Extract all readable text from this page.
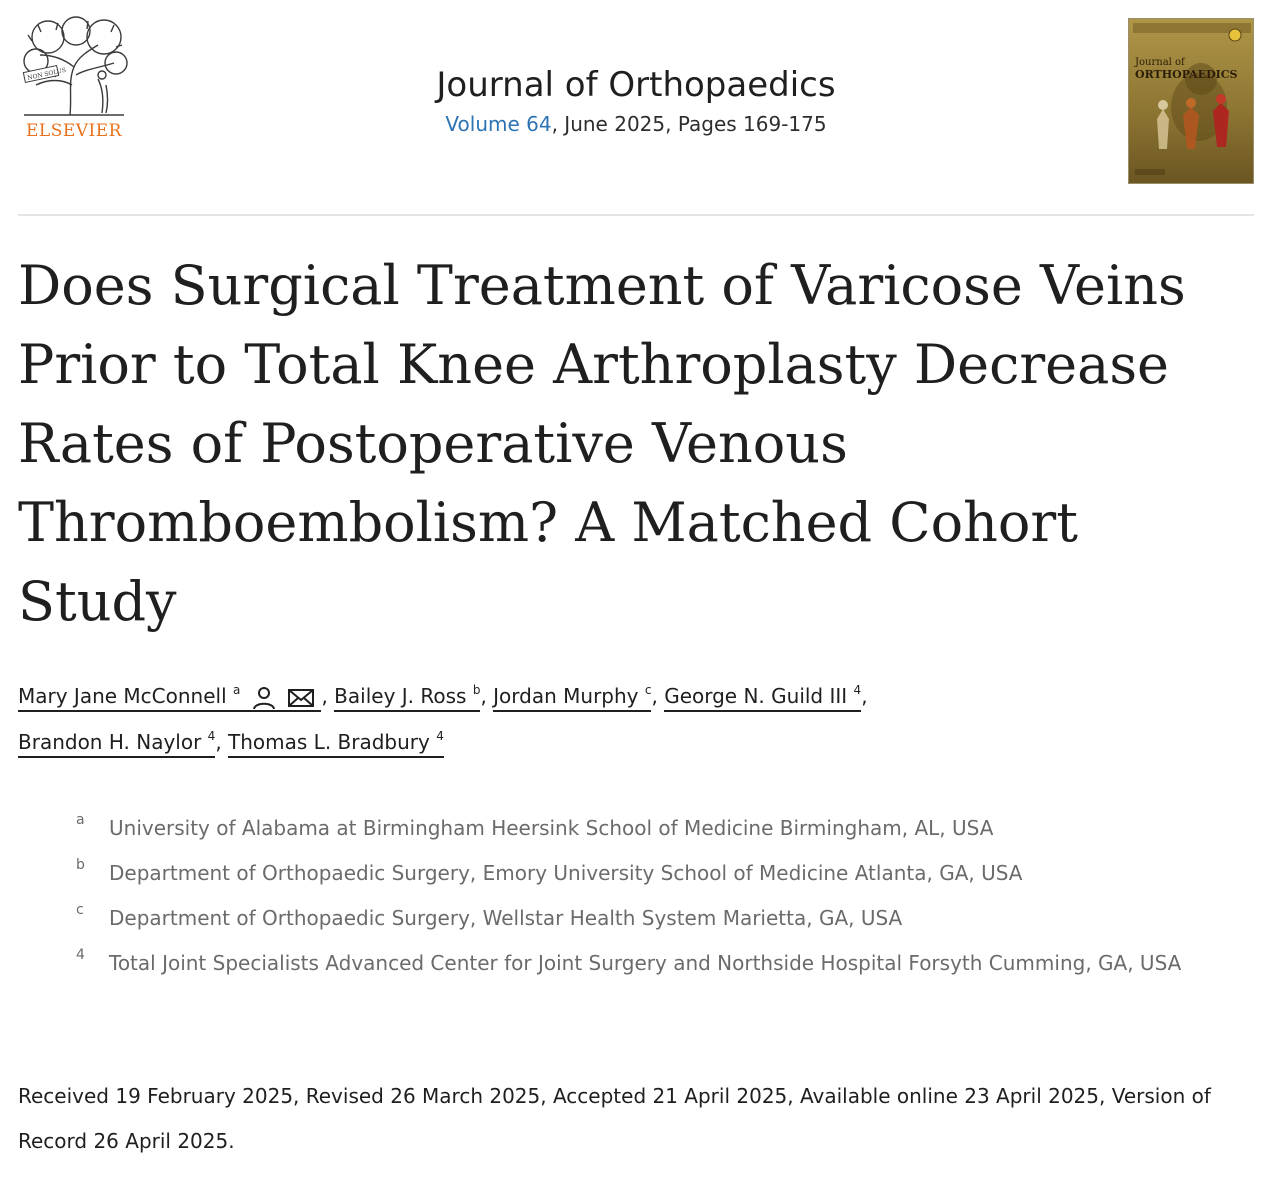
NON SOLUS
ELSEVIER
Journal of Orthopaedics
Volume 64, June 2025, Pages 169-175
Journal of
ORTHOPAEDICS
Does Surgical Treatment of Varicose Veins Prior to Total Knee Arthroplasty Decrease Rates of Postoperative Venous Thromboembolism? A Matched Cohort Study
Mary Jane McConnell $^a$	, Bailey J. Ross $^b$, Jordan Murphy $^c$, George N. Guild III $^4$,
Brandon H. Naylor $^4$, Thomas L. Bradbury $^4$
a University of Alabama at Birmingham Heersink School of Medicine Birmingham, AL, USA
b Department of Orthopaedic Surgery, Emory University School of Medicine Atlanta, GA, USA
c Department of Orthopaedic Surgery, Wellstar Health System Marietta, GA, USA
4 Total Joint Specialists Advanced Center for Joint Surgery and Northside Hospital Forsyth Cumming, GA, USA
Received 19 February 2025, Revised 26 March 2025, Accepted 21 April 2025, Available online 23 April 2025, Version of Record 26 April 2025.
